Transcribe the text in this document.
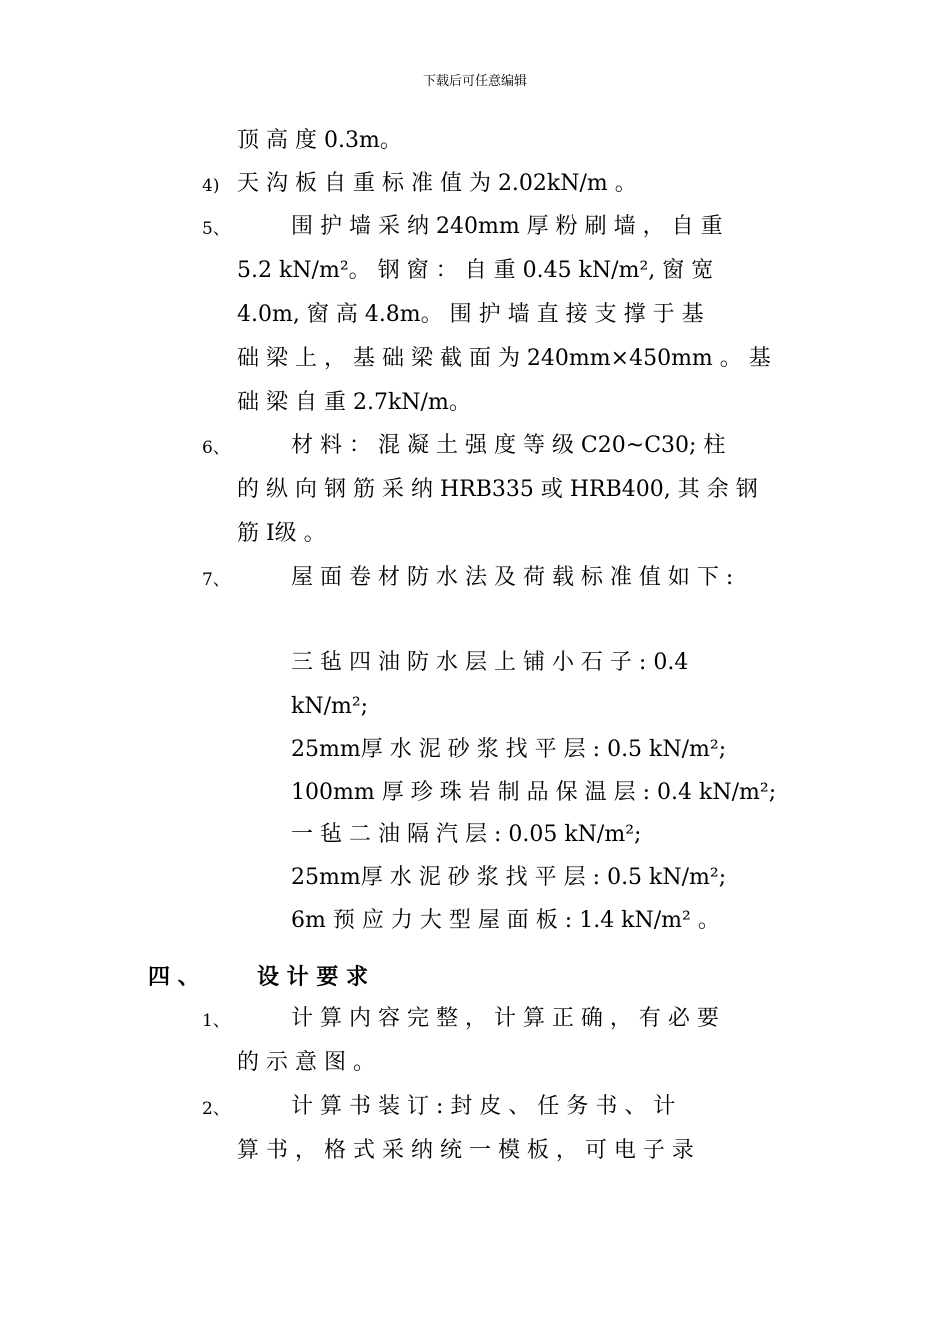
下载后可任意编辑
顶 高 度 0.3m。
4) 天 沟 板 自 重 标 准 值 为 2.02kN/m 。
5、	围 护 墙 采 纳 240mm 厚 粉 刷 墙 ， 自 重
5.2 kN/m²。 钢 窗 ： 自 重 0.45 kN/m², 窗 宽
4.0m, 窗 高 4.8m。 围 护 墙 直 接 支 撑 于 基
础 梁 上 ， 基 础 梁 截 面 为 240mm×450mm 。 基
础 梁 自 重 2.7kN/m。
6、	材 料 ： 混 凝 土 强 度 等 级 C20~C30; 柱
的 纵 向 钢 筋 采 纳 HRB335 或 HRB400, 其 余 钢
筋 I级 。
7、	屋 面 卷 材 防 水 法 及 荷 载 标 准 值 如 下 :
三 毡 四 油 防 水 层 上 铺 小 石 子 : 0.4
kN/m²;
25mm厚 水 泥 砂 浆 找 平 层 : 0.5 kN/m²;
100mm 厚 珍 珠 岩 制 品 保 温 层 : 0.4 kN/m²;
一 毡 二 油 隔 汽 层 : 0.05 kN/m²;
25mm厚 水 泥 砂 浆 找 平 层 : 0.5 kN/m²;
6m 预 应 力 大 型 屋 面 板 : 1.4 kN/m² 。
四 、	设 计 要 求
1、	计 算 内 容 完 整 ， 计 算 正 确 ， 有 必 要
的 示 意 图 。
2、	计 算 书 装 订 : 封 皮 、 任 务 书 、 计
算 书 ， 格 式 采 纳 统 一 模 板 ， 可 电 子 录
